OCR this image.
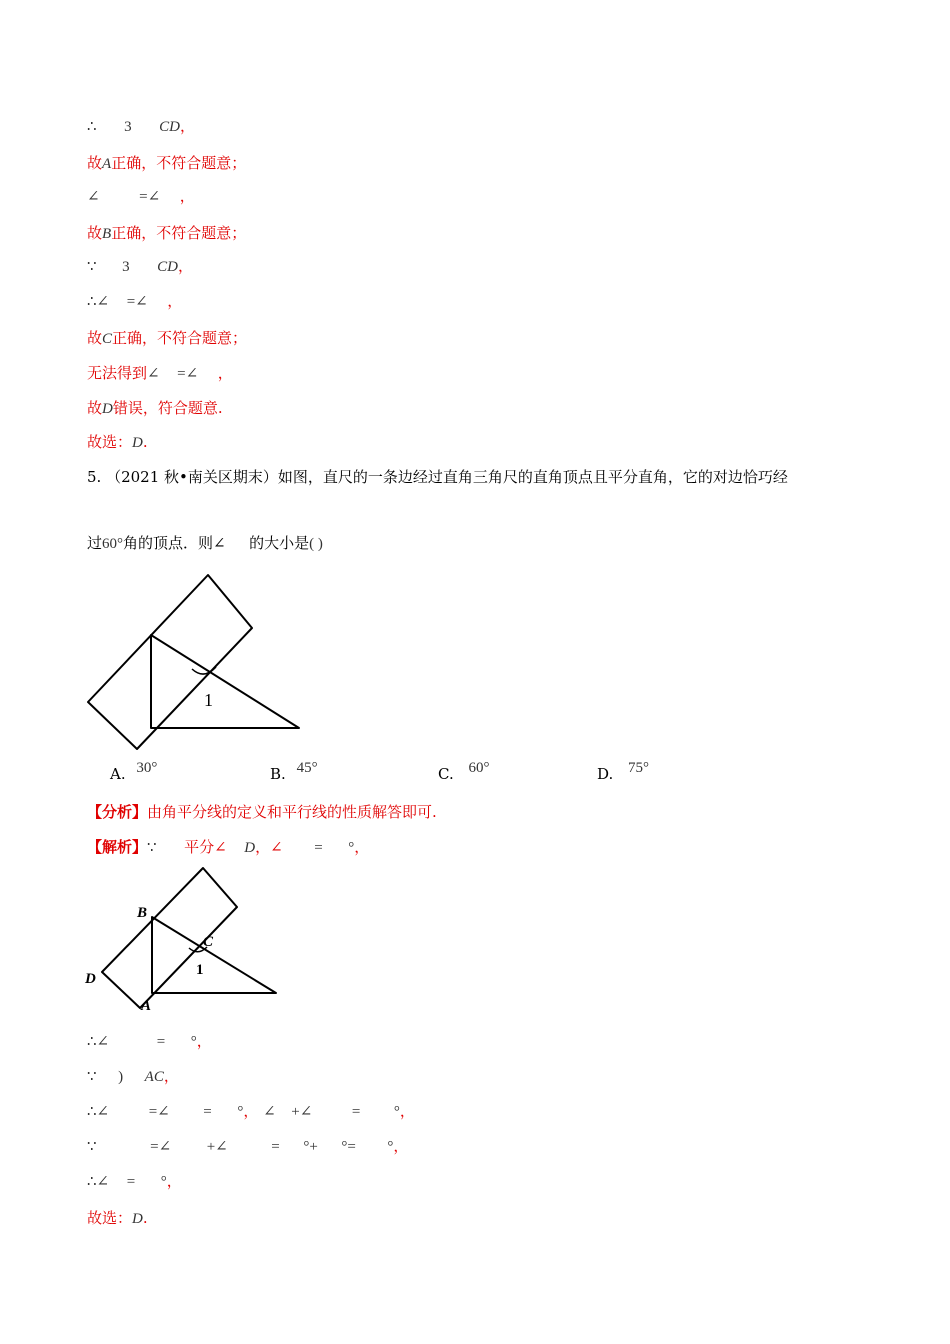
∴ 3 CD，
故A正确，不符合题意；
∠	=∠ ，
故B正确，不符合题意；
∵ 3 CD，
∴∠ =∠ ，
故C正确，不符合题意；
无法得到∠ =∠ ，
故D错误，符合题意.
故选：D.
5. （2021 秋•南关区期末）如图，直尺的一条边经过直角三角尺的直角顶点且平分直角，它的对边恰巧经
过60°角的顶点．则∠ 的大小是( )
1
A. 30°	B. 45°	C. 60°	D. 75°
【分析】由角平分线的定义和平行线的性质解答即可.
【解析】∵ 平分∠ D，∠ = °，
B
C
1
D
A
∴∠	= °，
∵ ) AC，
∴∠	=∠ = °， ∠ +∠	= °，
∵	=∠ +∠	= °+ °= °，
∴∠ = °，
故选：D.
